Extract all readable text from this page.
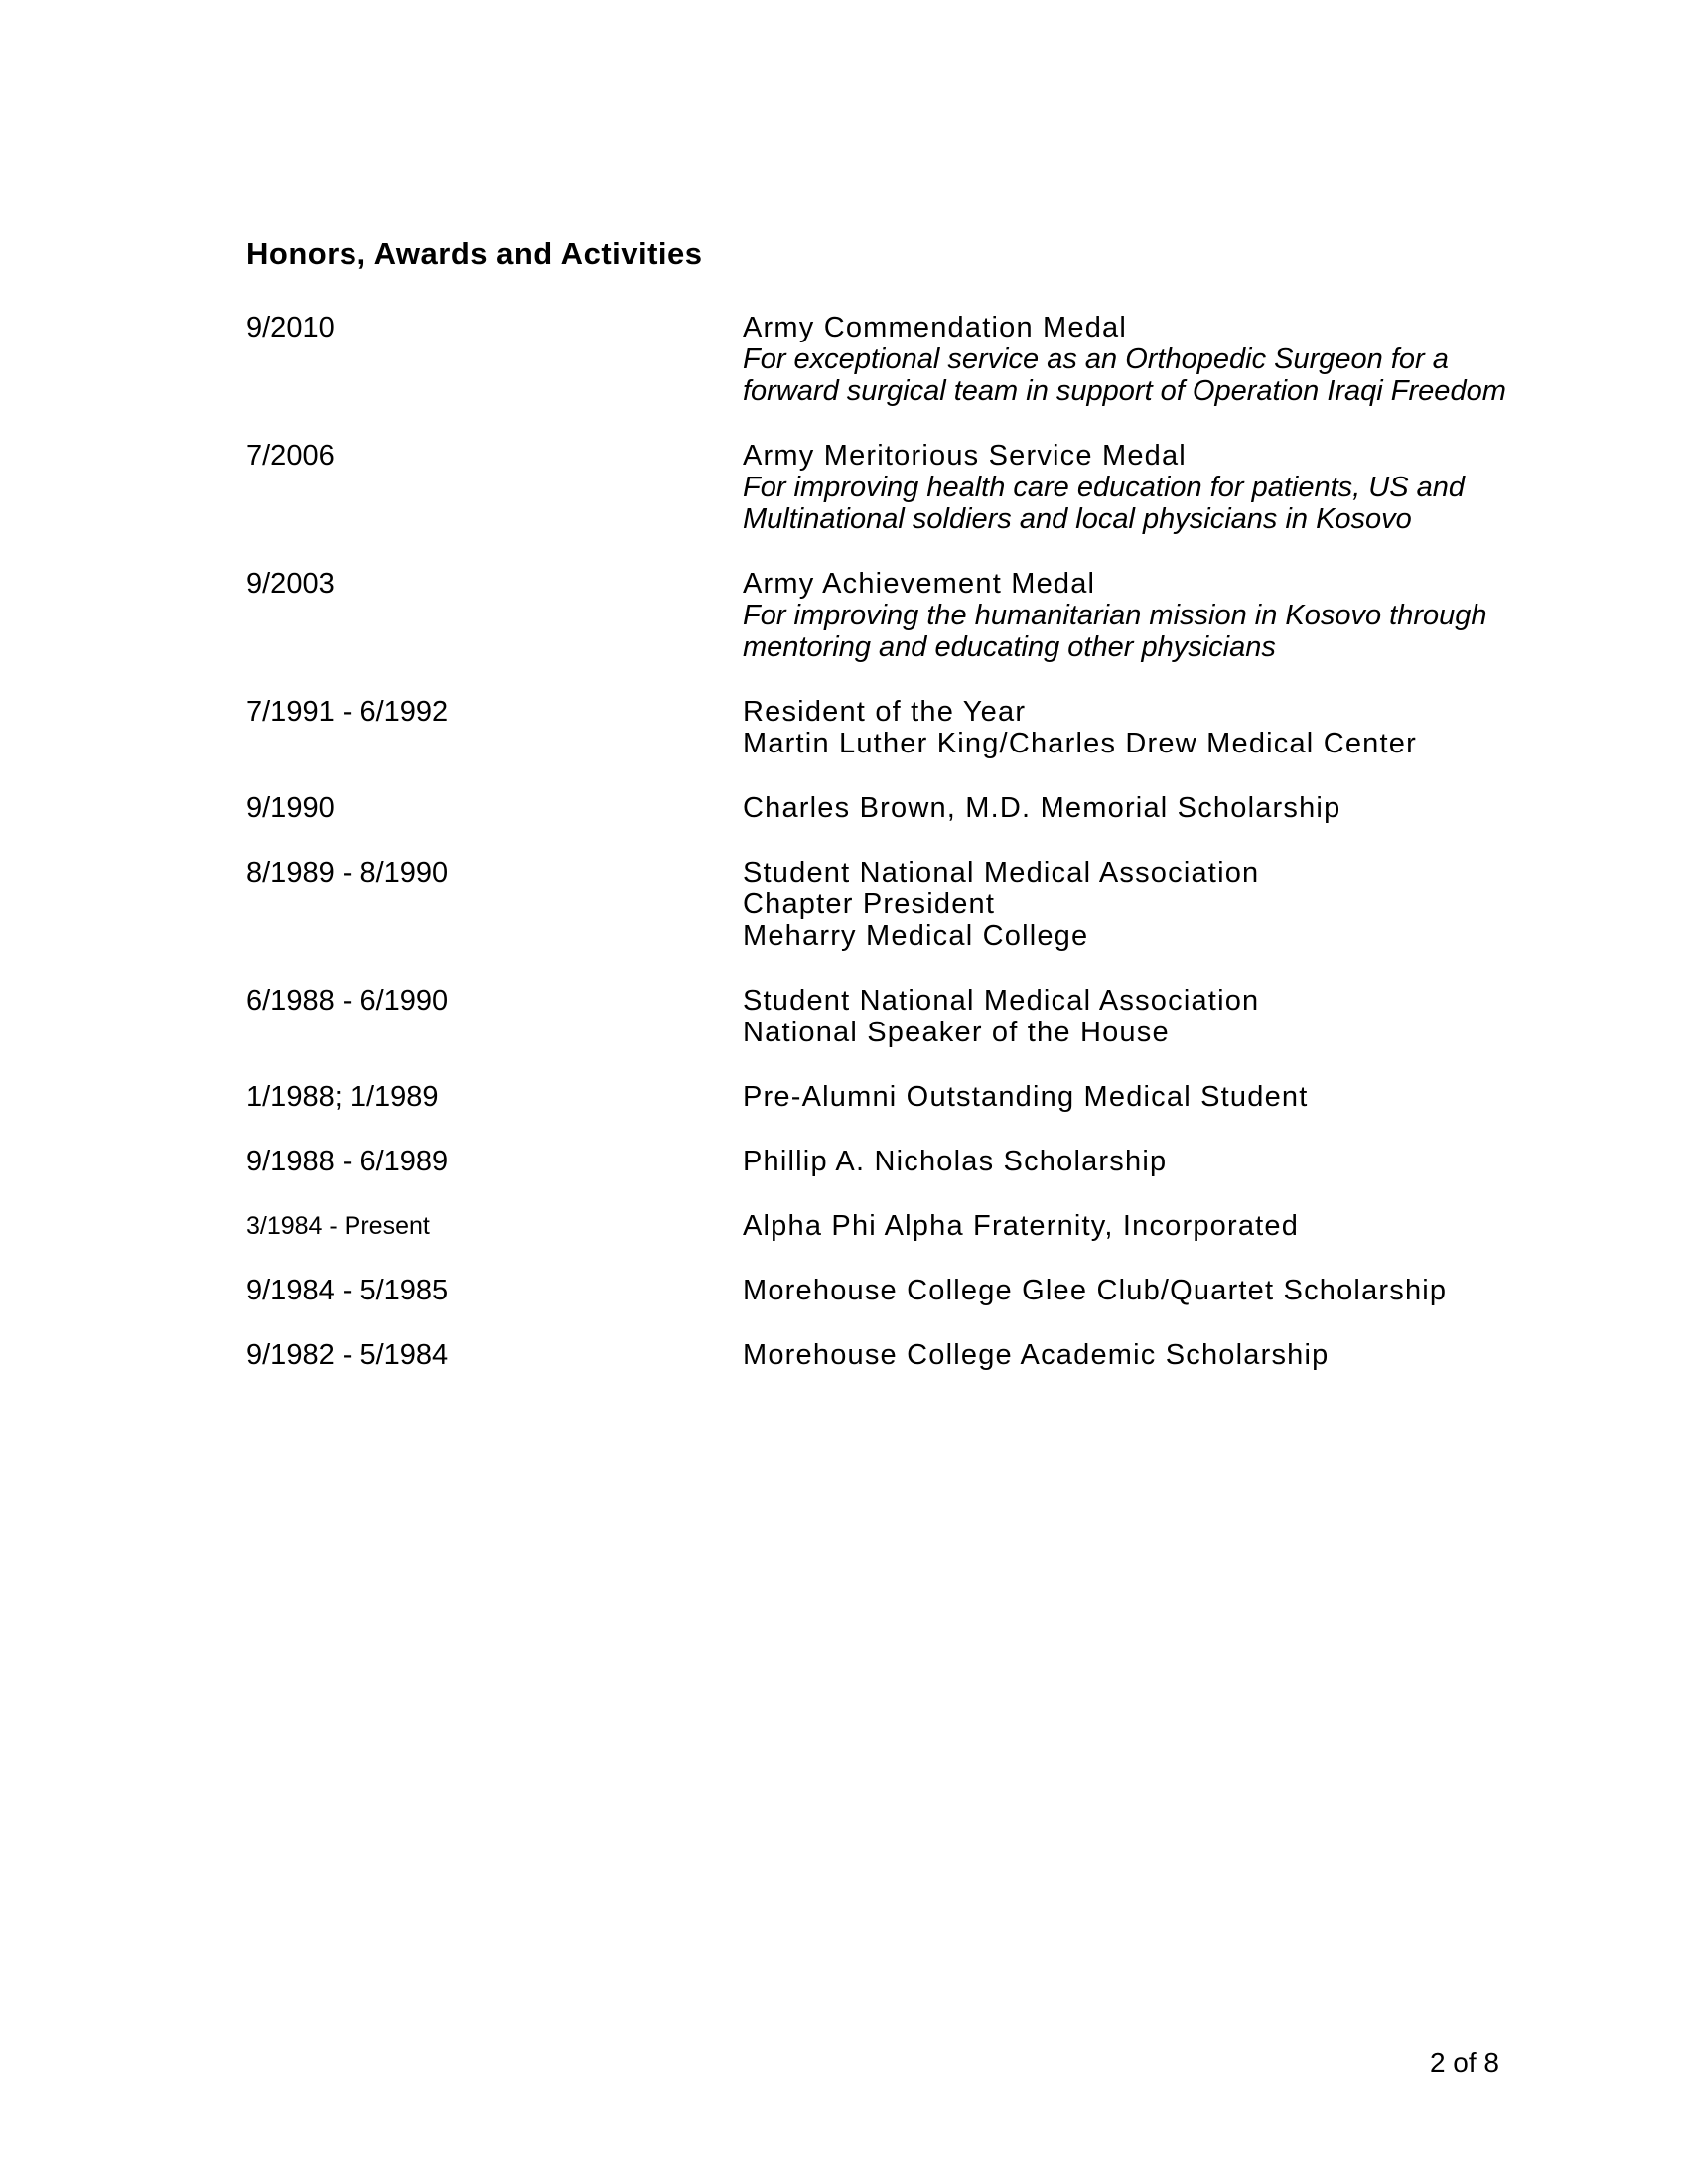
Honors, Awards and Activities
9/2010	Army Commendation Medal
For exceptional service as an Orthopedic Surgeon for a
forward surgical team in support of Operation Iraqi Freedom
7/2006	Army Meritorious Service Medal
For improving health care education for patients, US and
Multinational soldiers and local physicians in Kosovo
9/2003	Army Achievement Medal
For improving the humanitarian mission in Kosovo through
mentoring and educating other physicians
7/1991 - 6/1992	Resident of the Year
Martin Luther King/Charles Drew Medical Center
9/1990	Charles Brown, M.D. Memorial Scholarship
8/1989 - 8/1990	Student National Medical Association
Chapter President
Meharry Medical College
6/1988 - 6/1990	Student National Medical Association
National Speaker of the House
1/1988; 1/1989	Pre-Alumni Outstanding Medical Student
9/1988 - 6/1989	Phillip A. Nicholas Scholarship
3/1984 - Present	Alpha Phi Alpha Fraternity, Incorporated
9/1984 - 5/1985	Morehouse College Glee Club/Quartet Scholarship
9/1982 - 5/1984	Morehouse College Academic Scholarship
2 of 8
